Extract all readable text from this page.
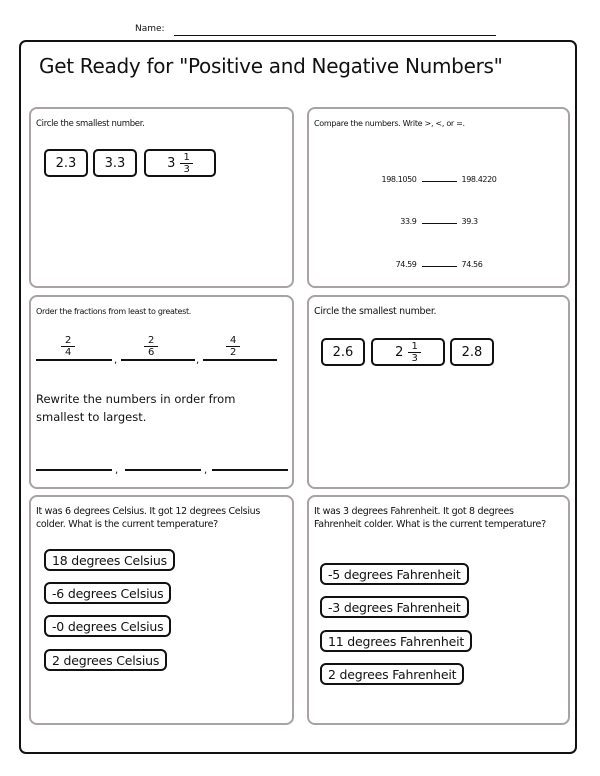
Name:
Get Ready for "Positive and Negative Numbers"
Circle the smallest number.
2.3	3.3	$3 \frac{1}{3}$
Compare the numbers. Write >, <, or =.
198.1050	198.4220
33.9	39.3
74.59	74.56
Order the fractions from least to greatest.
$\frac{2}{4}$	$\frac{2}{6}$	$\frac{4}{2}$
,	,
Rewrite the numbers in order from smallest to largest.
,	,
Circle the smallest number.
2.6	$2 \frac{1}{3}$	2.8
It was 6 degrees Celsius. It got 12 degrees Celsius colder. What is the current temperature?
18 degrees Celsius
-6 degrees Celsius
-0 degrees Celsius
2 degrees Celsius
It was 3 degrees Fahrenheit. It got 8 degrees Fahrenheit colder. What is the current temperature?
-5 degrees Fahrenheit
-3 degrees Fahrenheit
11 degrees Fahrenheit
2 degrees Fahrenheit
